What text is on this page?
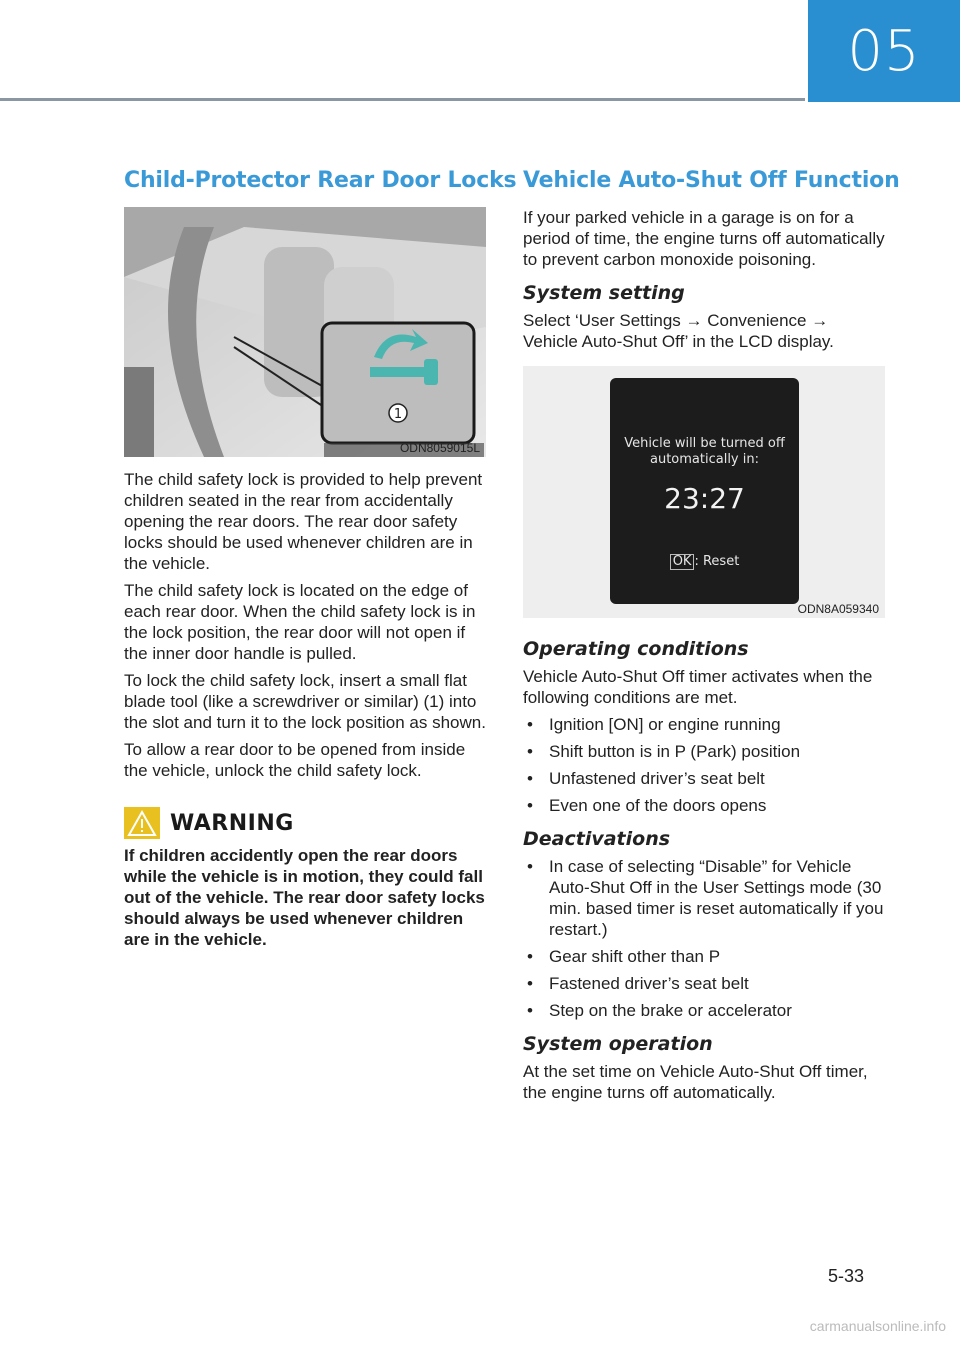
05
Child-Protector Rear Door Locks
1
ODN8059015L

The child safety lock is provided to help prevent children seated in the rear from accidentally opening the rear doors. The rear door safety locks should be used whenever children are in the vehicle.

The child safety lock is located on the edge of each rear door. When the child safety lock is in the lock position, the rear door will not open if the inner door handle is pulled.

To lock the child safety lock, insert a small flat blade tool (like a screwdriver or similar) (1) into the slot and turn it to the lock position as shown.

To allow a rear door to be opened from inside the vehicle, unlock the child safety lock.

WARNING

If children accidently open the rear doors while the vehicle is in motion, they could fall out of the vehicle. The rear door safety locks should always be used whenever children are in the vehicle.

Vehicle Auto-Shut Off Function

If your parked vehicle in a garage is on for a period of time, the engine turns off automatically to prevent carbon monoxide poisoning.

System setting

Select ‘User Settings → Convenience → Vehicle Auto-Shut Off’ in the LCD display.

Vehicle will be turned off
automatically in:
23:27
OK : Reset
ODN8A059340
Operating conditions

Vehicle Auto-Shut Off timer activates when the following conditions are met.

• Ignition [ON] or engine running
• Shift button is in P (Park) position
• Unfastened driver’s seat belt
• Even one of the doors opens
Deactivations
• In case of selecting “Disable” for Vehicle Auto-Shut Off in the User Settings mode (30 min. based timer is reset automatically if you restart.)
• Gear shift other than P
• Fastened driver’s seat belt
• Step on the brake or accelerator
System operation

At the set time on Vehicle Auto-Shut Off timer, the engine turns off automatically.

5-33
carmanualsonline.info
